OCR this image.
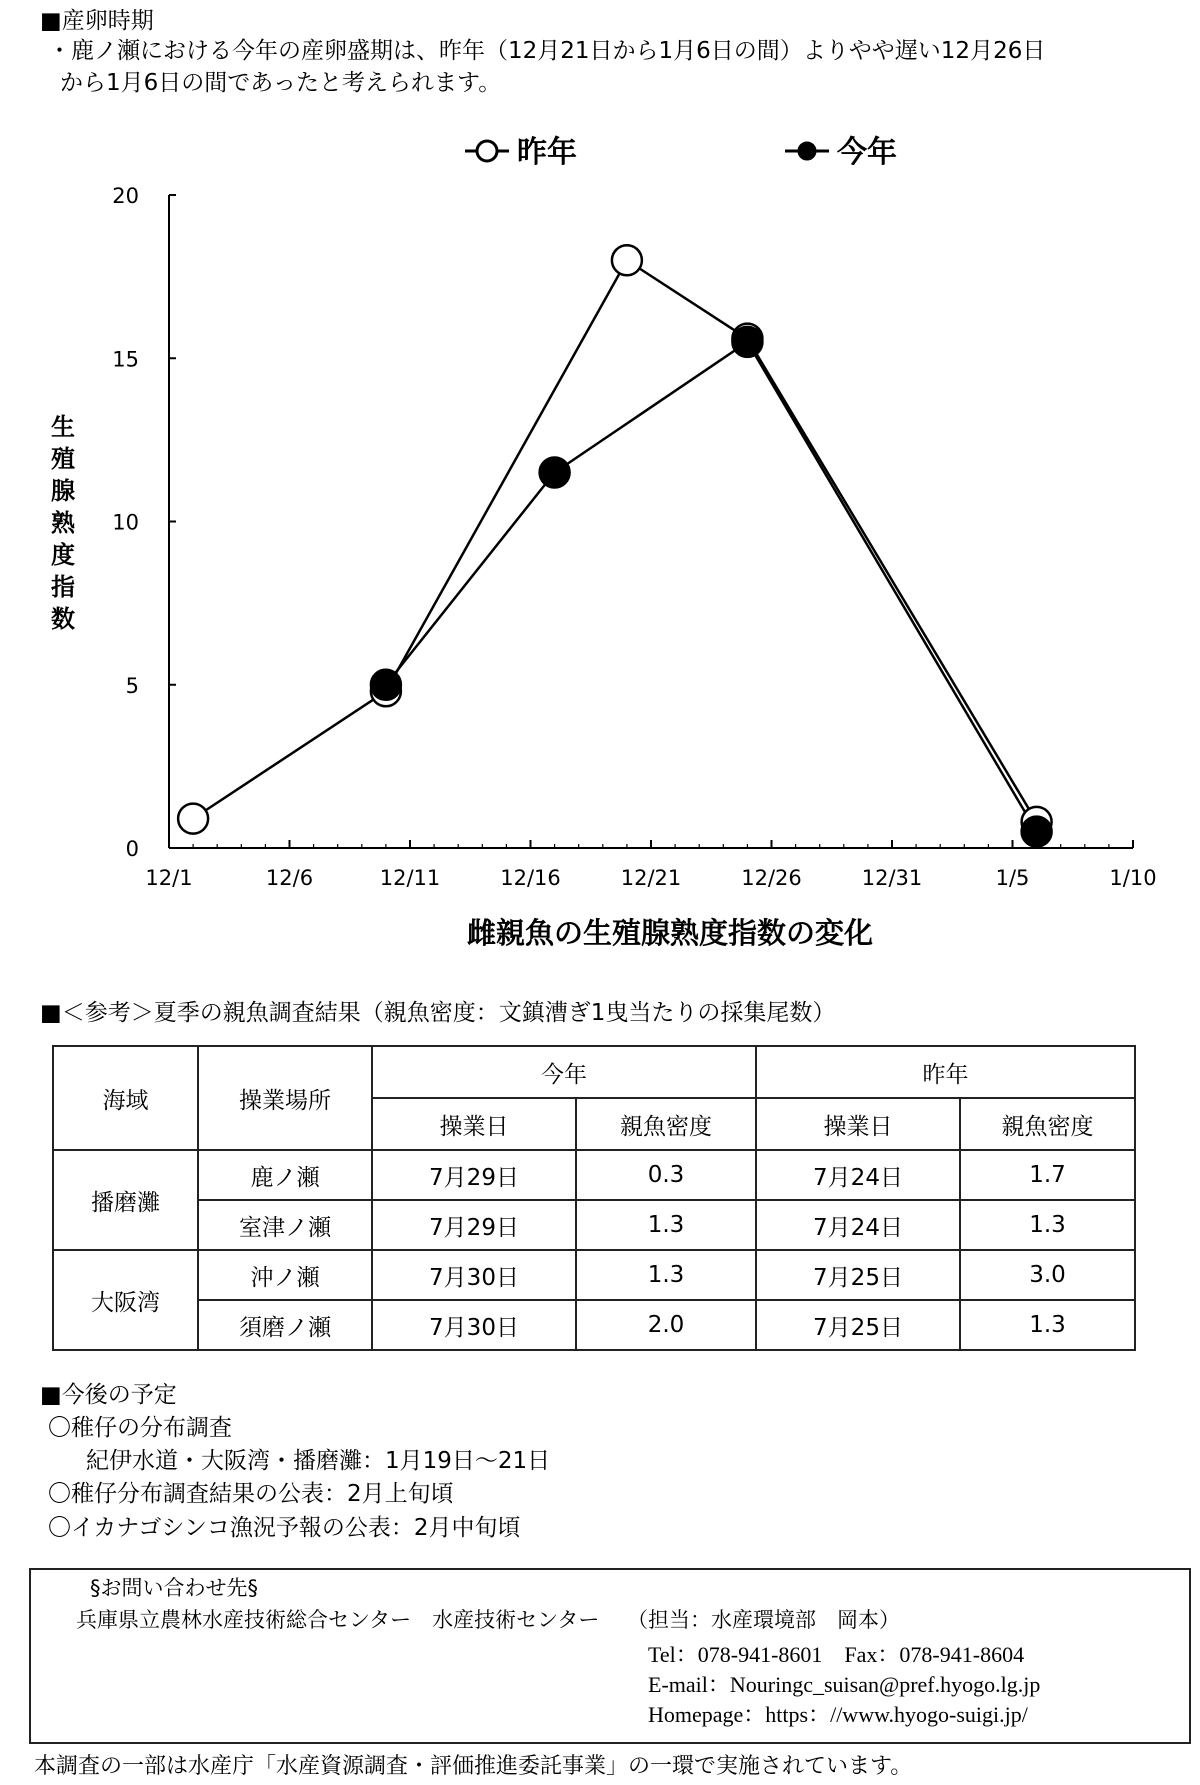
■産卵時期
・鹿ノ瀬における今年の産卵盛期は、昨年（12月21日から1月6日の間）よりやや遅い12月26日
から1月6日の間であったと考えられます。
昨年	今年
0
5
10
15
20
12/1	12/6	12/11	12/16	12/21	12/26	12/31	1/5	1/10
生
殖
腺
熟
度
指
数
雌親魚の生殖腺熟度指数の変化
■＜参考＞夏季の親魚調査結果（親魚密度：文鎮漕ぎ1曳当たりの採集尾数）
海域	操業場所	今年		昨年	
		操業日	親魚密度	操業日	親魚密度
播磨灘	鹿ノ瀬	7月29日	0.3	7月24日	1.7
	室津ノ瀬	7月29日	1.3	7月24日	1.3
大阪湾	沖ノ瀬	7月30日	1.3	7月25日	3.0
	須磨ノ瀬	7月30日	2.0	7月25日	1.3
■今後の予定
〇稚仔の分布調査
紀伊水道・大阪湾・播磨灘：1月19日～21日
〇稚仔分布調査結果の公表：2月上旬頃
〇イカナゴシンコ漁況予報の公表：2月中旬頃
§お問い合わせ先§
兵庫県立農林水産技術総合センター　水産技術センター　 （担当：水産環境部　岡本）
Tel：078-941-8601　Fax：078-941-8604
E-mail：Nouringc_suisan@pref.hyogo.lg.jp
Homepage：https：//www.hyogo-suigi.jp/
本調査の一部は水産庁「水産資源調査・評価推進委託事業」の一環で実施されています。
